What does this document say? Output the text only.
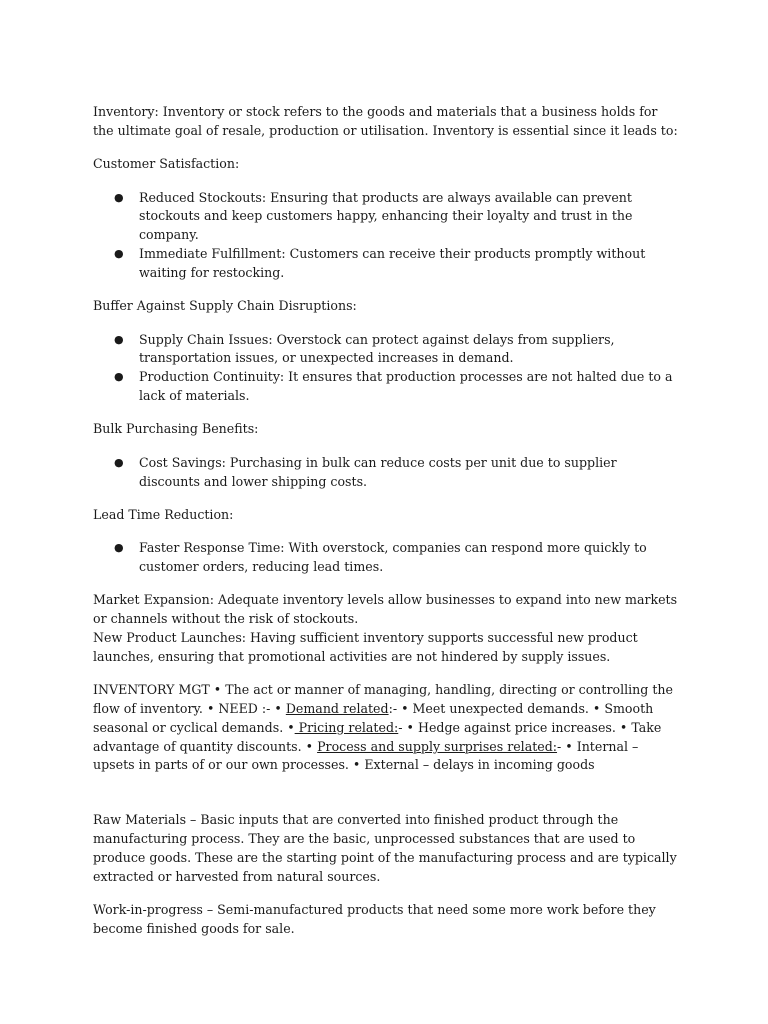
Inventory: Inventory or stock refers to the goods and materials that a business holds for the ultimate goal of resale, production or utilisation. Inventory is essential since it leads to:

Customer Satisfaction:

● Reduced Stockouts: Ensuring that products are always available can prevent stockouts and keep customers happy, enhancing their loyalty and trust in the company.
● Immediate Fulfillment: Customers can receive their products promptly without waiting for restocking.

Buffer Against Supply Chain Disruptions:

● Supply Chain Issues: Overstock can protect against delays from suppliers, transportation issues, or unexpected increases in demand.
● Production Continuity: It ensures that production processes are not halted due to a lack of materials.

Bulk Purchasing Benefits:

● Cost Savings: Purchasing in bulk can reduce costs per unit due to supplier discounts and lower shipping costs.

Lead Time Reduction:

● Faster Response Time: With overstock, companies can respond more quickly to customer orders, reducing lead times.

Market Expansion: Adequate inventory levels allow businesses to expand into new markets or channels without the risk of stockouts.

New Product Launches: Having sufficient inventory supports successful new product launches, ensuring that promotional activities are not hindered by supply issues.

INVENTORY MGT • The act or manner of managing, handling, directing or controlling the flow of inventory. • NEED :- • Demand related:- • Meet unexpected demands. • Smooth seasonal or cyclical demands. • Pricing related:- • Hedge against price increases. • Take advantage of quantity discounts. • Process and supply surprises related:- • Internal – upsets in parts of or our own processes. • External – delays in incoming goods

Raw Materials – Basic inputs that are converted into finished product through the manufacturing process. They are the basic, unprocessed substances that are used to produce goods. These are the starting point of the manufacturing process and are typically extracted or harvested from natural sources.

Work-in-progress – Semi-manufactured products that need some more work before they become finished goods for sale.
